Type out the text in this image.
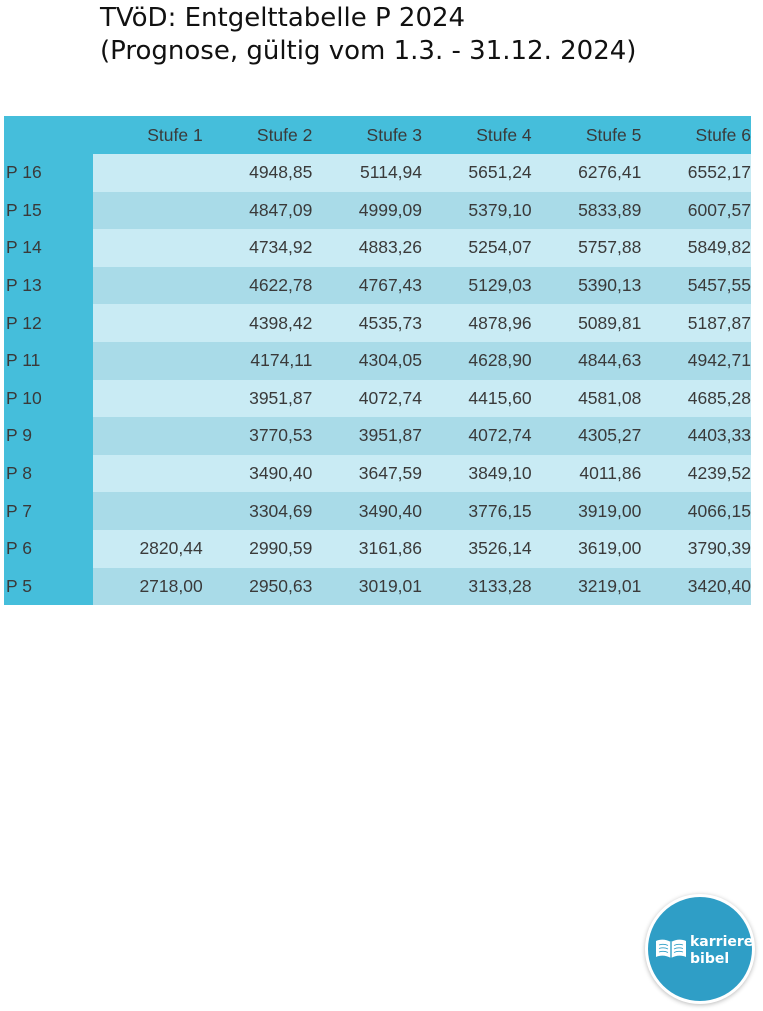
TVöD: Entgelttabelle P 2024
(Prognose, gültig vom 1.3. - 31.12. 2024)
	Stufe 1	Stufe 2	Stufe 3	Stufe 4	Stufe 5	Stufe 6
P 16		4948,85	5114,94	5651,24	6276,41	6552,17
P 15		4847,09	4999,09	5379,10	5833,89	6007,57
P 14		4734,92	4883,26	5254,07	5757,88	5849,82
P 13		4622,78	4767,43	5129,03	5390,13	5457,55
P 12		4398,42	4535,73	4878,96	5089,81	5187,87
P 11		4174,11	4304,05	4628,90	4844,63	4942,71
P 10		3951,87	4072,74	4415,60	4581,08	4685,28
P 9		3770,53	3951,87	4072,74	4305,27	4403,33
P 8		3490,40	3647,59	3849,10	4011,86	4239,52
P 7		3304,69	3490,40	3776,15	3919,00	4066,15
P 6	2820,44	2990,59	3161,86	3526,14	3619,00	3790,39
P 5	2718,00	2950,63	3019,01	3133,28	3219,01	3420,40
karriere
bibel
